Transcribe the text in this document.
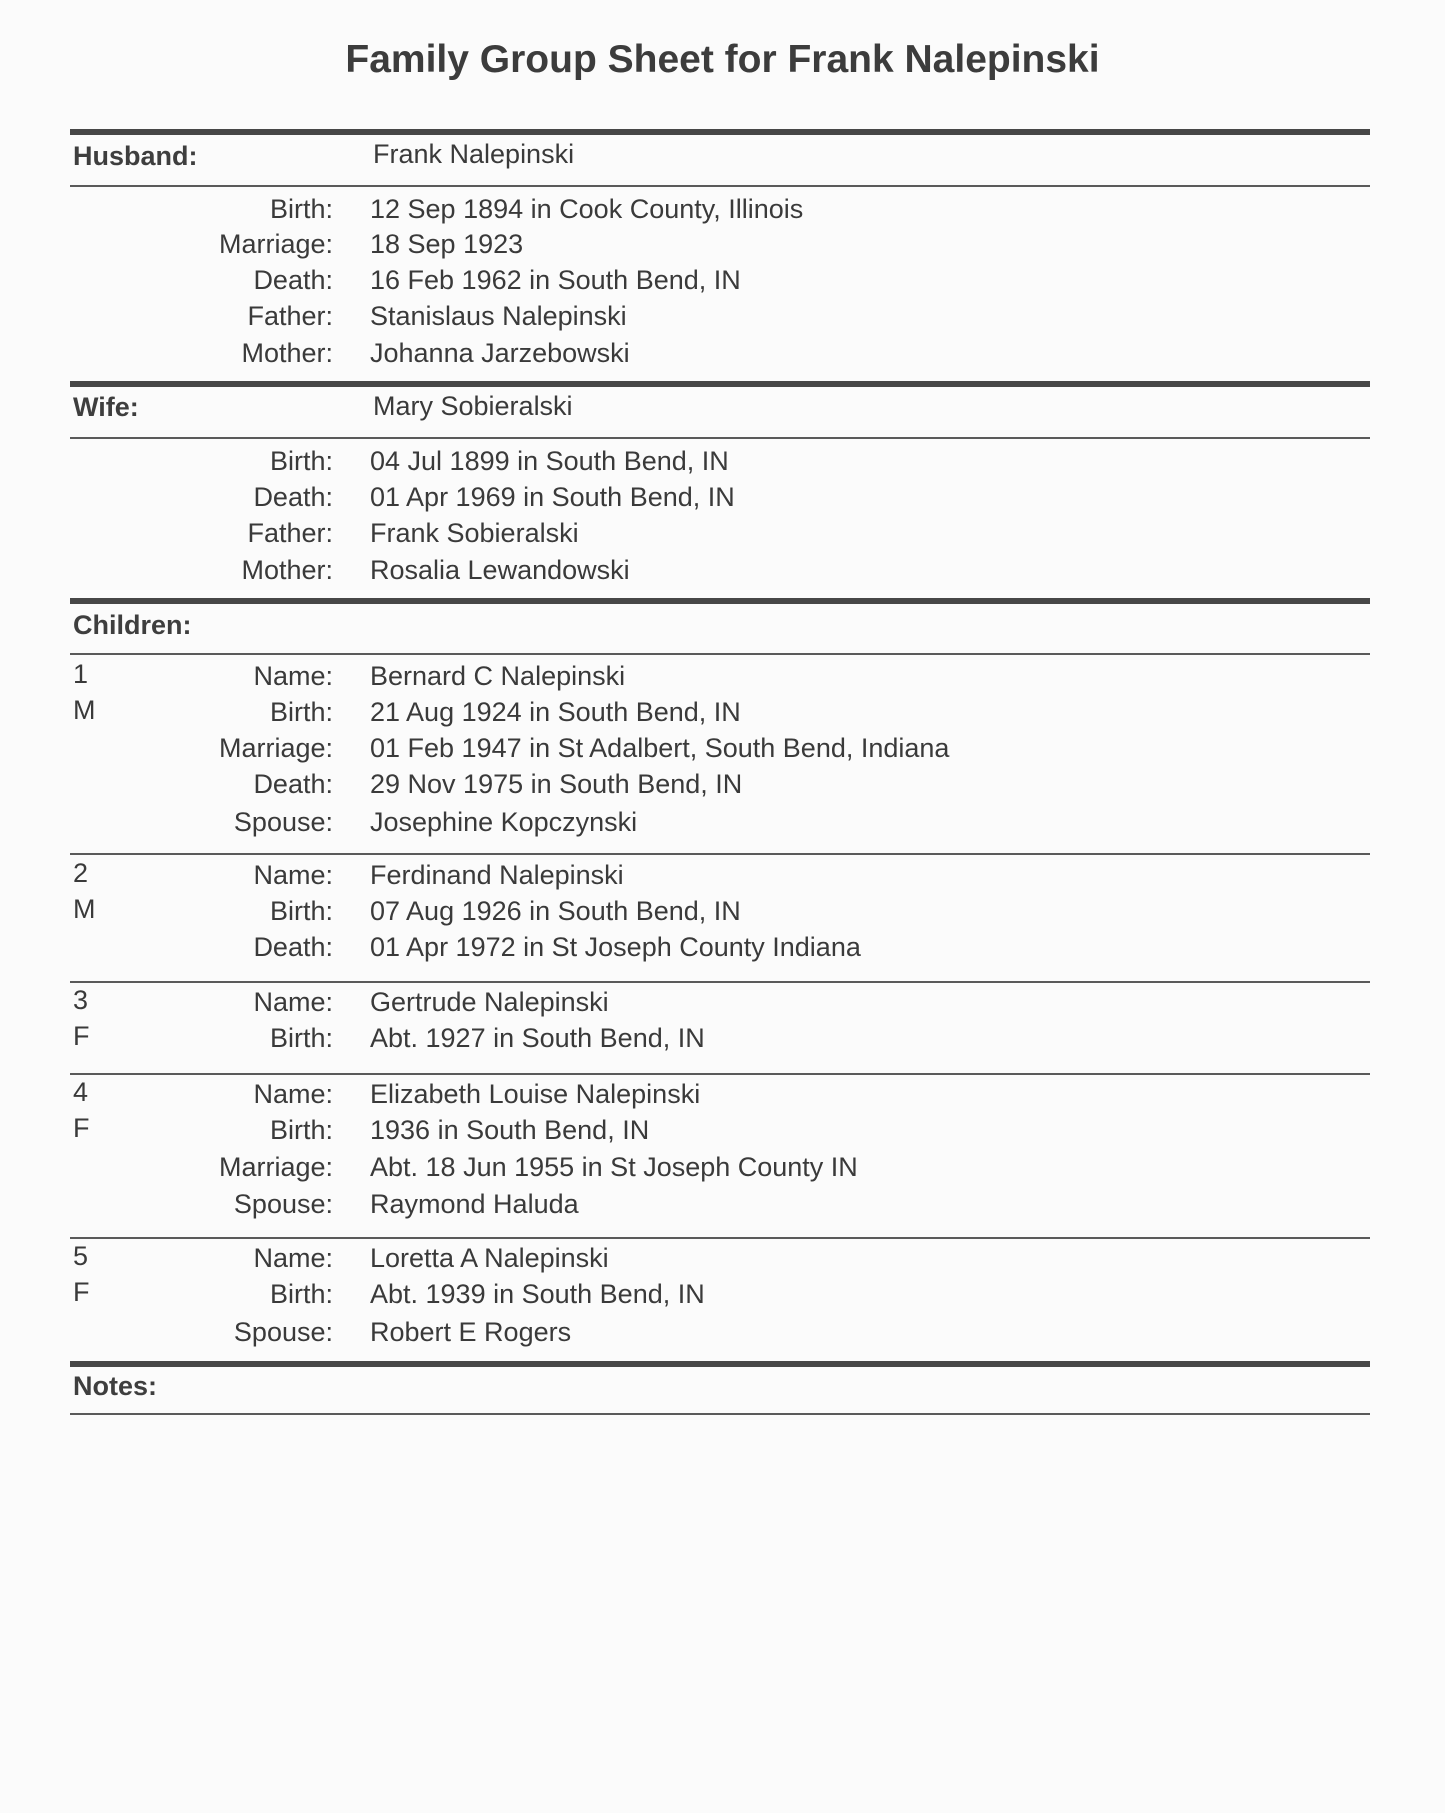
Family Group Sheet for Frank Nalepinski
Husband:	Frank Nalepinski
Birth: 12 Sep 1894 in Cook County, Illinois
Marriage: 18 Sep 1923
Death: 16 Feb 1962 in South Bend, IN
Father: Stanislaus Nalepinski
Mother: Johanna Jarzebowski
Wife:	Mary Sobieralski
Birth: 04 Jul 1899 in South Bend, IN
Death: 01 Apr 1969 in South Bend, IN
Father: Frank Sobieralski
Mother: Rosalia Lewandowski
Children:
1
M
Name: Bernard C Nalepinski
Birth: 21 Aug 1924 in South Bend, IN
Marriage: 01 Feb 1947 in St Adalbert, South Bend, Indiana
Death: 29 Nov 1975 in South Bend, IN
Spouse: Josephine Kopczynski
2
M
Name: Ferdinand Nalepinski
Birth: 07 Aug 1926 in South Bend, IN
Death: 01 Apr 1972 in St Joseph County Indiana
3
F
Name: Gertrude Nalepinski
Birth: Abt. 1927 in South Bend, IN
4
F
Name: Elizabeth Louise Nalepinski
Birth: 1936 in South Bend, IN
Marriage: Abt. 18 Jun 1955 in St Joseph County IN
Spouse: Raymond Haluda
5
F
Name: Loretta A Nalepinski
Birth: Abt. 1939 in South Bend, IN
Spouse: Robert E Rogers
Notes:
